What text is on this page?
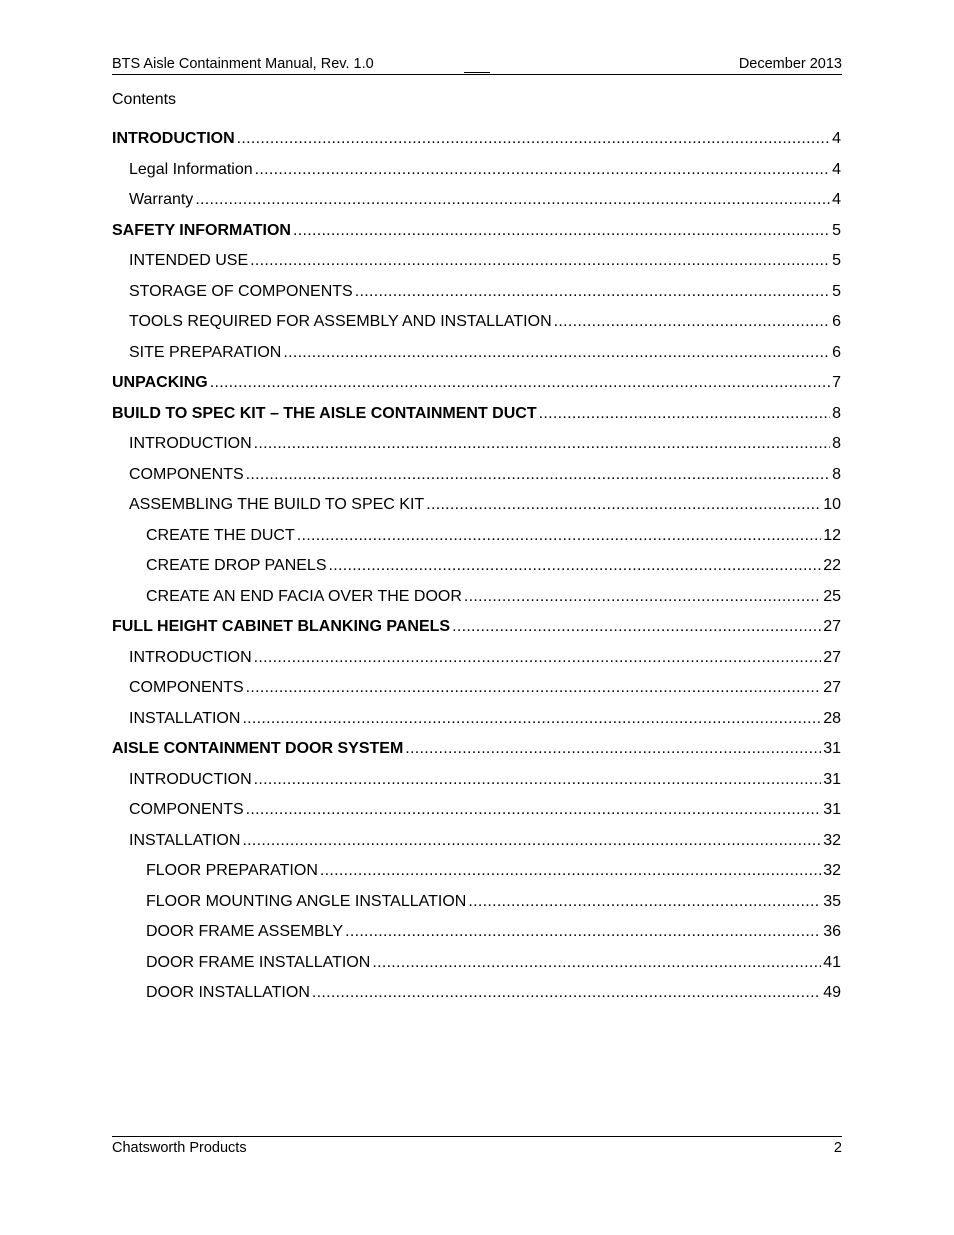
BTS Aisle Containment Manual, Rev. 1.0	December 2013
Contents
INTRODUCTION .....	4
Legal Information .....	4
Warranty .....	4
SAFETY INFORMATION .....	5
INTENDED USE .....	5
STORAGE OF COMPONENTS .....	5
TOOLS REQUIRED FOR ASSEMBLY AND INSTALLATION .....	6
SITE PREPARATION .....	6
UNPACKING .....	7
BUILD TO SPEC KIT – THE AISLE CONTAINMENT DUCT .....	8
INTRODUCTION .....	8
COMPONENTS .....	8
ASSEMBLING THE BUILD TO SPEC KIT .....	10
CREATE THE DUCT .....	12
CREATE DROP PANELS .....	22
CREATE AN END FACIA OVER THE DOOR .....	25
FULL HEIGHT CABINET BLANKING PANELS .....	27
INTRODUCTION .....	27
COMPONENTS .....	27
INSTALLATION .....	28
AISLE CONTAINMENT DOOR SYSTEM .....	31
INTRODUCTION .....	31
COMPONENTS .....	31
INSTALLATION .....	32
FLOOR PREPARATION .....	32
FLOOR MOUNTING ANGLE INSTALLATION .....	35
DOOR FRAME ASSEMBLY .....	36
DOOR FRAME INSTALLATION .....	41
DOOR INSTALLATION .....	49
Chatsworth Products	2
